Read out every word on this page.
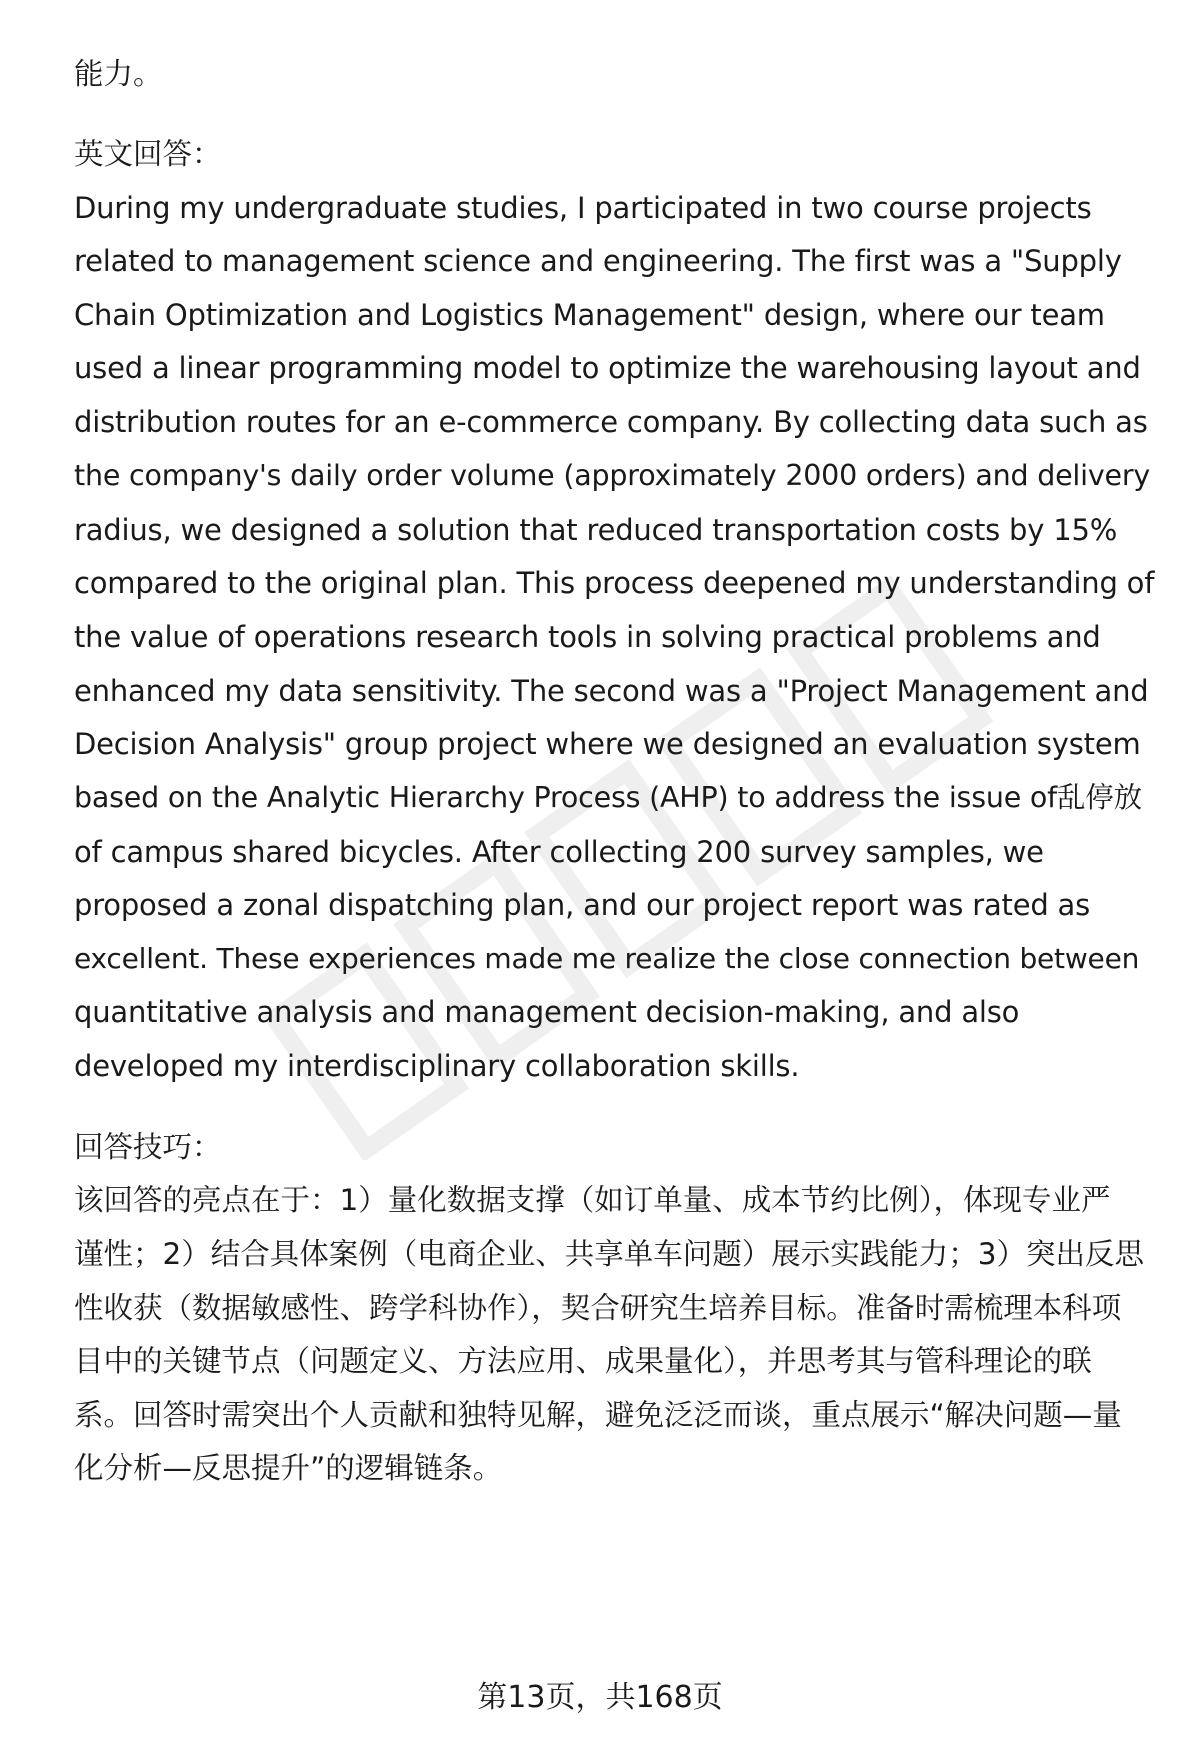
能力。
英文回答：
During my undergraduate studies, I participated in two course projects
related to management science and engineering. The first was a "Supply
Chain Optimization and Logistics Management" design, where our team
used a linear programming model to optimize the warehousing layout and
distribution routes for an e-commerce company. By collecting data such as
the company's daily order volume (approximately 2000 orders) and delivery
radius, we designed a solution that reduced transportation costs by 15%
compared to the original plan. This process deepened my understanding of
the value of operations research tools in solving practical problems and
enhanced my data sensitivity. The second was a "Project Management and
Decision Analysis" group project where we designed an evaluation system
based on the Analytic Hierarchy Process (AHP) to address the issue of乱停放
of campus shared bicycles. After collecting 200 survey samples, we
proposed a zonal dispatching plan, and our project report was rated as
excellent. These experiences made me realize the close connection between
quantitative analysis and management decision-making, and also
developed my interdisciplinary collaboration skills.
回答技巧：
该回答的亮点在于：1）量化数据支撑（如订单量、成本节约比例），体现专业严
谨性；2）结合具体案例（电商企业、共享单车问题）展示实践能力；3）突出反思
性收获（数据敏感性、跨学科协作），契合研究生培养目标。准备时需梳理本科项
目中的关键节点（问题定义、方法应用、成果量化），并思考其与管科理论的联
系。回答时需突出个人贡献和独特见解，避免泛泛而谈，重点展示“解决问题—量
化分析—反思提升”的逻辑链条。
第13页，共168页
